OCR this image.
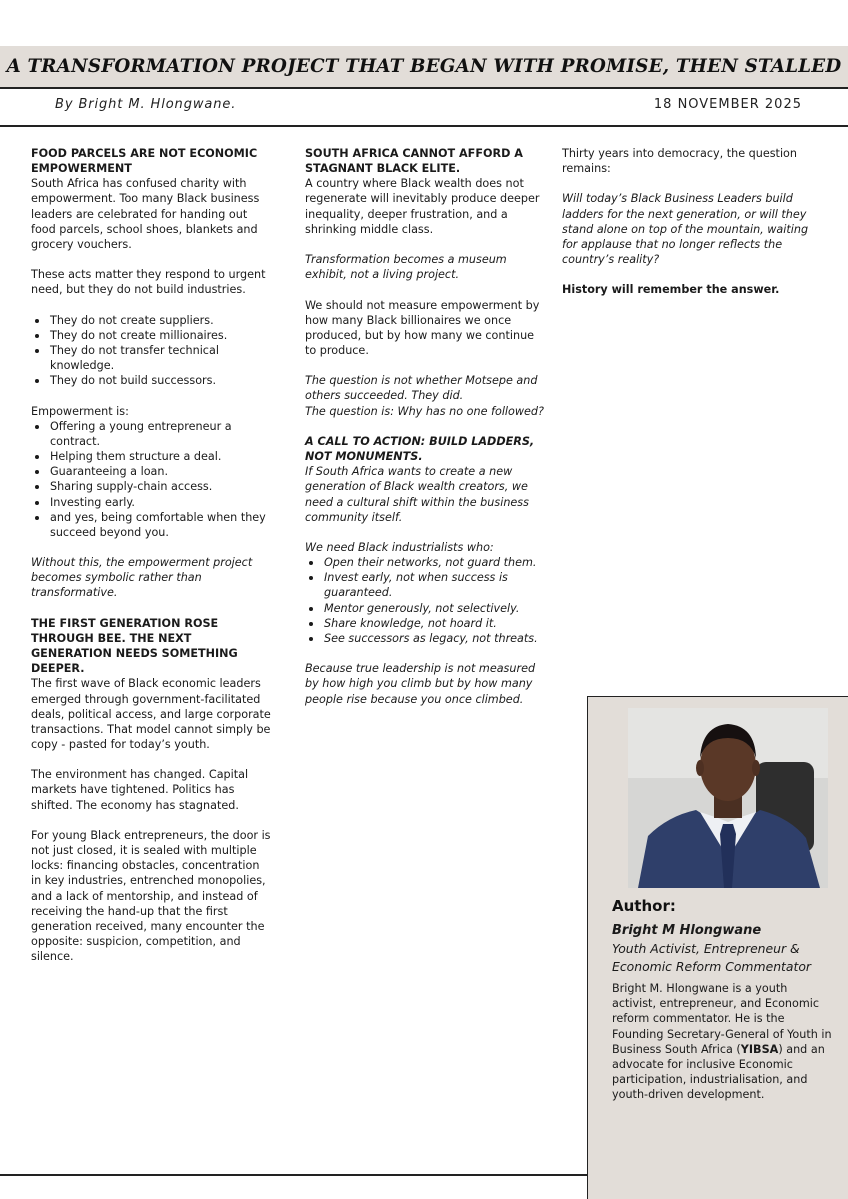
A TRANSFORMATION PROJECT THAT BEGAN WITH PROMISE, THEN STALLED
By Bright M. Hlongwane.	18 NOVEMBER 2025
FOOD PARCELS ARE NOT ECONOMIC EMPOWERMENT
South Africa has confused charity with empowerment. Too many Black business leaders are celebrated for handing out food parcels, school shoes, blankets and grocery vouchers.
These acts matter they respond to urgent need, but they do not build industries.
They do not create suppliers.
They do not create millionaires.
They do not transfer technical knowledge.
They do not build successors.
Empowerment is:
Offering a young entrepreneur a contract.
Helping them structure a deal.
Guaranteeing a loan.
Sharing supply-chain access.
Investing early.
and yes, being comfortable when they succeed beyond you.
Without this, the empowerment project becomes symbolic rather than transformative.
THE FIRST GENERATION ROSE THROUGH BEE. THE NEXT GENERATION NEEDS SOMETHING DEEPER.
The first wave of Black economic leaders emerged through government-facilitated deals, political access, and large corporate transactions. That model cannot simply be copy - pasted for today’s youth.
The environment has changed. Capital markets have tightened. Politics has shifted. The economy has stagnated.
For young Black entrepreneurs, the door is not just closed, it is sealed with multiple locks: financing obstacles, concentration in key industries, entrenched monopolies, and a lack of mentorship, and instead of receiving the hand-up that the first generation received, many encounter the opposite: suspicion, competition, and silence.
SOUTH AFRICA CANNOT AFFORD A STAGNANT BLACK ELITE.
A country where Black wealth does not regenerate will inevitably produce deeper inequality, deeper frustration, and a shrinking middle class.
Transformation becomes a museum exhibit, not a living project.
We should not measure empowerment by how many Black billionaires we once produced, but by how many we continue to produce.
The question is not whether Motsepe and others succeeded. They did.
The question is: Why has no one followed?
A CALL TO ACTION: BUILD LADDERS, NOT MONUMENTS.
If South Africa wants to create a new generation of Black wealth creators, we need a cultural shift within the business community itself.
We need Black industrialists who:
Open their networks, not guard them.
Invest early, not when success is guaranteed.
Mentor generously, not selectively.
Share knowledge, not hoard it.
See successors as legacy, not threats.
Because true leadership is not measured by how high you climb but by how many people rise because you once climbed.
Thirty years into democracy, the question remains:
Will today’s Black Business Leaders build ladders for the next generation, or will they stand alone on top of the mountain, waiting for applause that no longer reflects the country’s reality?
History will remember the answer.
Author:
Bright M Hlongwane
Youth Activist, Entrepreneur & Economic Reform Commentator
Bright M. Hlongwane is a youth activist, entrepreneur, and Economic reform commentator. He is the Founding Secretary-General of Youth in Business South Africa (YIBSA) and an advocate for inclusive Economic participation, industrialisation, and youth-driven development.
